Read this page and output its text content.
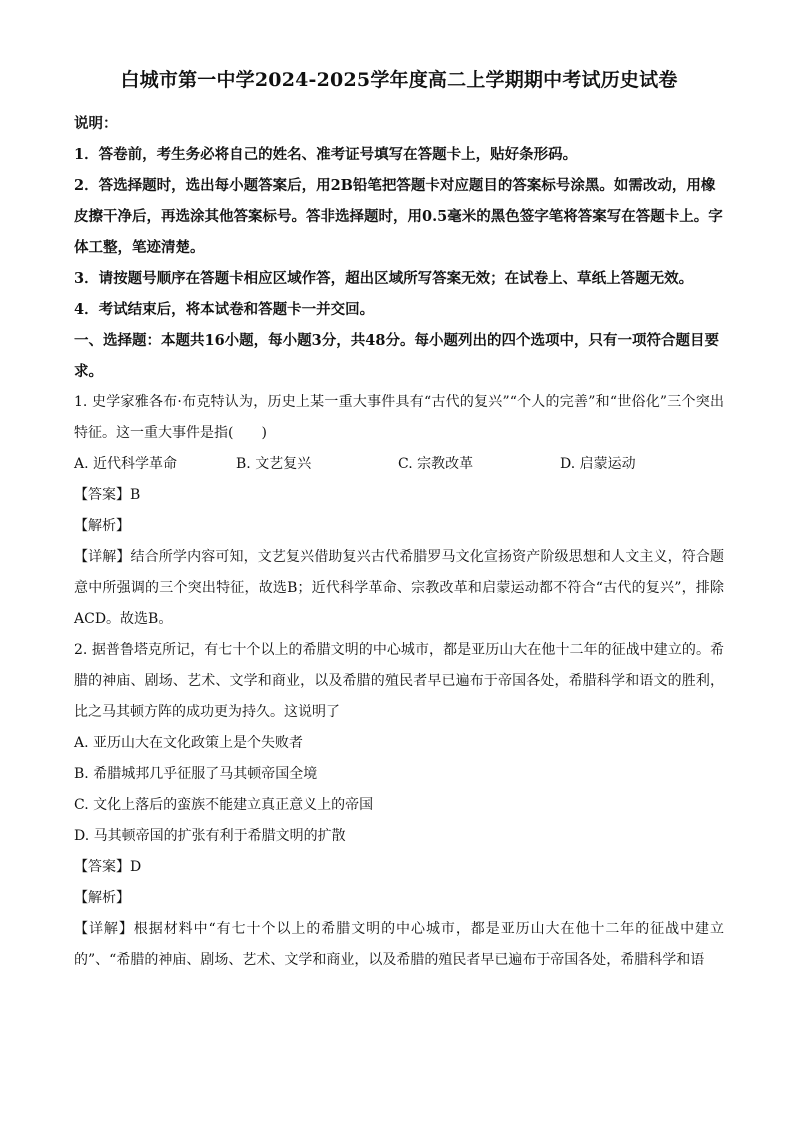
白城市第一中学2024-2025学年度高二上学期期中考试历史试卷
说明：
1．答卷前，考生务必将自己的姓名、准考证号填写在答题卡上，贴好条形码。
2．答选择题时，选出每小题答案后，用2B铅笔把答题卡对应题目的答案标号涂黑。如需改动，用橡皮擦干净后，再选涂其他答案标号。答非选择题时，用0.5毫米的黑色签字笔将答案写在答题卡上。字体工整，笔迹清楚。
3．请按题号顺序在答题卡相应区域作答，超出区域所写答案无效；在试卷上、草纸上答题无效。
4．考试结束后，将本试卷和答题卡一并交回。
一、选择题：本题共16小题，每小题3分，共48分。每小题列出的四个选项中，只有一项符合题目要求。
1. 史学家雅各布·布克特认为，历史上某一重大事件具有“古代的复兴”“个人的完善”和“世俗化”三个突出特征。这一重大事件是指(　　)
A. 近代科学革命	B. 文艺复兴	C. 宗教改革	D. 启蒙运动
【答案】B
【解析】
【详解】结合所学内容可知，文艺复兴借助复兴古代希腊罗马文化宣扬资产阶级思想和人文主义，符合题意中所强调的三个突出特征，故选B；近代科学革命、宗教改革和启蒙运动都不符合“古代的复兴”，排除ACD。故选B。
2. 据普鲁塔克所记，有七十个以上的希腊文明的中心城市，都是亚历山大在他十二年的征战中建立的。希腊的神庙、剧场、艺术、文学和商业，以及希腊的殖民者早已遍布于帝国各处，希腊科学和语文的胜利，比之马其顿方阵的成功更为持久。这说明了
A. 亚历山大在文化政策上是个失败者
B. 希腊城邦几乎征服了马其顿帝国全境
C. 文化上落后的蛮族不能建立真正意义上的帝国
D. 马其顿帝国的扩张有利于希腊文明的扩散
【答案】D
【解析】
【详解】根据材料中“有七十个以上的希腊文明的中心城市，都是亚历山大在他十二年的征战中建立的”、“希腊的神庙、剧场、艺术、文学和商业，以及希腊的殖民者早已遍布于帝国各处，希腊科学和语
